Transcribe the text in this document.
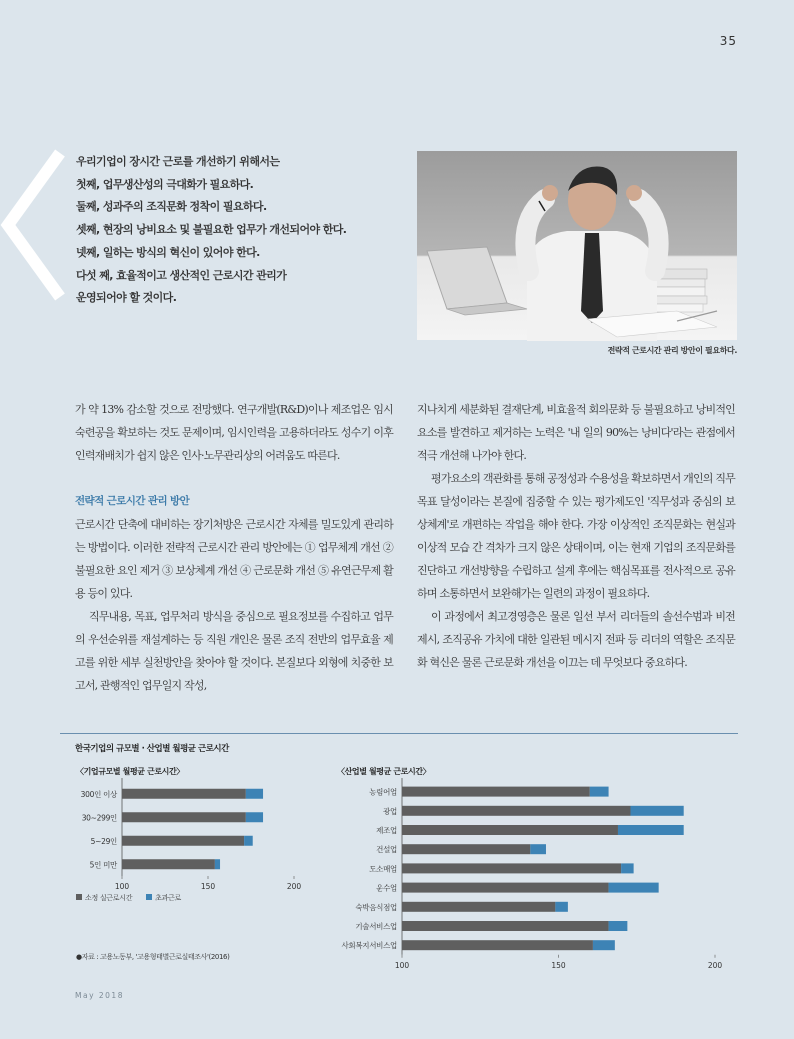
35
우리기업이 장시간 근로를 개선하기 위해서는
첫째, 업무생산성의 극대화가 필요하다.
둘째, 성과주의 조직문화 정착이 필요하다.
셋째, 현장의 낭비요소 및 불필요한 업무가 개선되어야 한다.
넷째, 일하는 방식의 혁신이 있어야 한다.
다섯 째, 효율적이고 생산적인 근로시간 관리가
운영되어야 할 것이다.
전략적 근로시간 관리 방안이 필요하다.

가 약 13% 감소할 것으로 전망했다. 연구개발(R&D)이나 제조업은 임시 숙련공을 확보하는 것도 문제이며, 임시인력을 고용하더라도 성수기 이후 인력재배치가 쉽지 않은 인사·노무관리상의 어려움도 따른다.

전략적 근로시간 관리 방안

근로시간 단축에 대비하는 장기처방은 근로시간 자체를 밀도있게 관리하는 방법이다. 이러한 전략적 근로시간 관리 방안에는 ① 업무체계 개선 ② 불필요한 요인 제거 ③ 보상체계 개선 ④ 근로문화 개선 ⑤ 유연근무제 활용 등이 있다.

직무내용, 목표, 업무처리 방식을 중심으로 필요정보를 수집하고 업무의 우선순위를 재설계하는 등 직원 개인은 물론 조직 전반의 업무효율 제고를 위한 세부 실천방안을 찾아야 할 것이다. 본질보다 외형에 치중한 보고서, 관행적인 업무일지 작성,

지나치게 세분화된 결재단계, 비효율적 회의문화 등 불필요하고 낭비적인 요소를 발견하고 제거하는 노력은 '내 일의 90%는 낭비다'라는 관점에서 적극 개선해 나가야 한다.

평가요소의 객관화를 통해 공정성과 수용성을 확보하면서 개인의 직무목표 달성이라는 본질에 집중할 수 있는 평가제도인 '직무성과 중심의 보상체계'로 개편하는 작업을 해야 한다. 가장 이상적인 조직문화는 현실과 이상적 모습 간 격차가 크지 않은 상태이며, 이는 현재 기업의 조직문화를 진단하고 개선방향을 수립하고 설계 후에는 핵심목표를 전사적으로 공유하며 소통하면서 보완해가는 일련의 과정이 필요하다.

이 과정에서 최고경영층은 물론 일선 부서 리더들의 솔선수범과 비전제시, 조직공유 가치에 대한 일관된 메시지 전파 등 리더의 역할은 조직문화 혁신은 물론 근로문화 개선을 이끄는 데 무엇보다 중요하다.

한국기업의 규모별 · 산업별 월평균 근로시간
〈기업규모별 월평균 근로시간〉	〈산업별 월평균 근로시간〉
300인 이상
30~299인
5~29인
5인 미만
100	150	200
농림어업
광업
제조업
건설업
도소매업
운수업
숙박음식점업
기술서비스업
사회복지서비스업
100	150	200
소정 실근로시간	초과근로
●자료 : 고용노동부, '고용형태별근로실태조사'(2016)
May 2018
